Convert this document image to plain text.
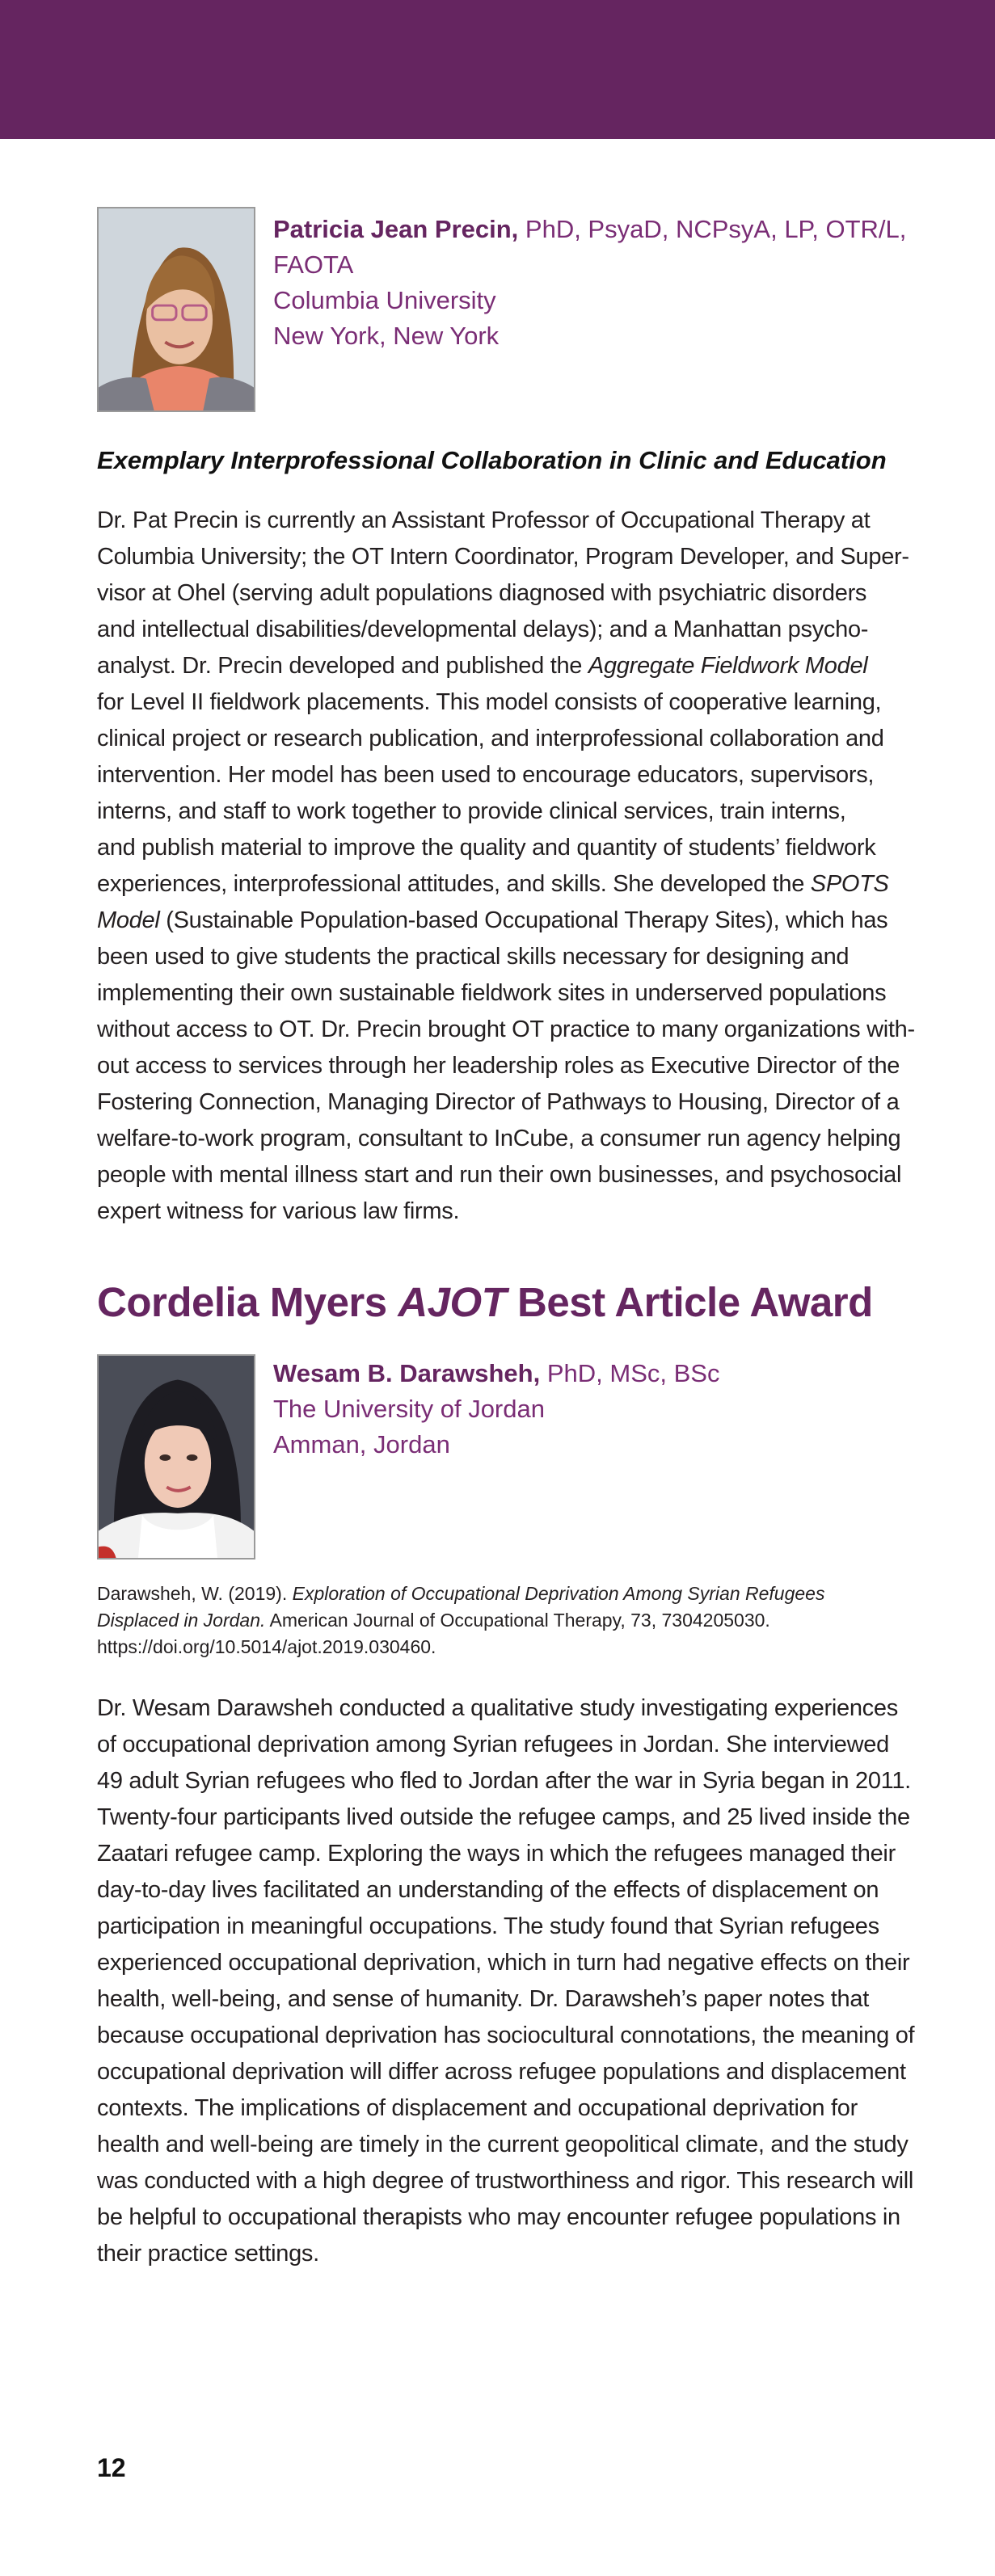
Patricia Jean Precin, PhD, PsyaD, NCPsyA, LP, OTR/L,
FAOTA
Columbia University
New York, New York
Exemplary Interprofessional Collaboration in Clinic and Education
Dr. Pat Precin is currently an Assistant Professor of Occupational Therapy at
Columbia University; the OT Intern Coordinator, Program Developer, and Super-
visor at Ohel (serving adult populations diagnosed with psychiatric disorders
and intellectual disabilities/developmental delays); and a Manhattan psycho-
analyst. Dr. Precin developed and published the Aggregate Fieldwork Model
for Level II fieldwork placements. This model consists of cooperative learning,
clinical project or research publication, and interprofessional collaboration and
intervention. Her model has been used to encourage educators, supervisors,
interns, and staff to work together to provide clinical services, train interns,
and publish material to improve the quality and quantity of students’ fieldwork
experiences, interprofessional attitudes, and skills. She developed the SPOTS
Model (Sustainable Population-based Occupational Therapy Sites), which has
been used to give students the practical skills necessary for designing and
implementing their own sustainable fieldwork sites in underserved populations
without access to OT. Dr. Precin brought OT practice to many organizations with-
out access to services through her leadership roles as Executive Director of the
Fostering Connection, Managing Director of Pathways to Housing, Director of a
welfare-to-work program, consultant to InCube, a consumer run agency helping
people with mental illness start and run their own businesses, and psychosocial
expert witness for various law firms.
Cordelia Myers AJOT Best Article Award
Wesam B. Darawsheh, PhD, MSc, BSc
The University of Jordan
Amman, Jordan
Darawsheh, W. (2019). Exploration of Occupational Deprivation Among Syrian Refugees
Displaced in Jordan. American Journal of Occupational Therapy, 73, 7304205030.
https://doi.org/10.5014/ajot.2019.030460.
Dr. Wesam Darawsheh conducted a qualitative study investigating experiences
of occupational deprivation among Syrian refugees in Jordan. She interviewed
49 adult Syrian refugees who fled to Jordan after the war in Syria began in 2011.
Twenty-four participants lived outside the refugee camps, and 25 lived inside the
Zaatari refugee camp. Exploring the ways in which the refugees managed their
day-to-day lives facilitated an understanding of the effects of displacement on
participation in meaningful occupations. The study found that Syrian refugees
experienced occupational deprivation, which in turn had negative effects on their
health, well-being, and sense of humanity. Dr. Darawsheh’s paper notes that
because occupational deprivation has sociocultural connotations, the meaning of
occupational deprivation will differ across refugee populations and displacement
contexts. The implications of displacement and occupational deprivation for
health and well-being are timely in the current geopolitical climate, and the study
was conducted with a high degree of trustworthiness and rigor. This research will
be helpful to occupational therapists who may encounter refugee populations in
their practice settings.
12
